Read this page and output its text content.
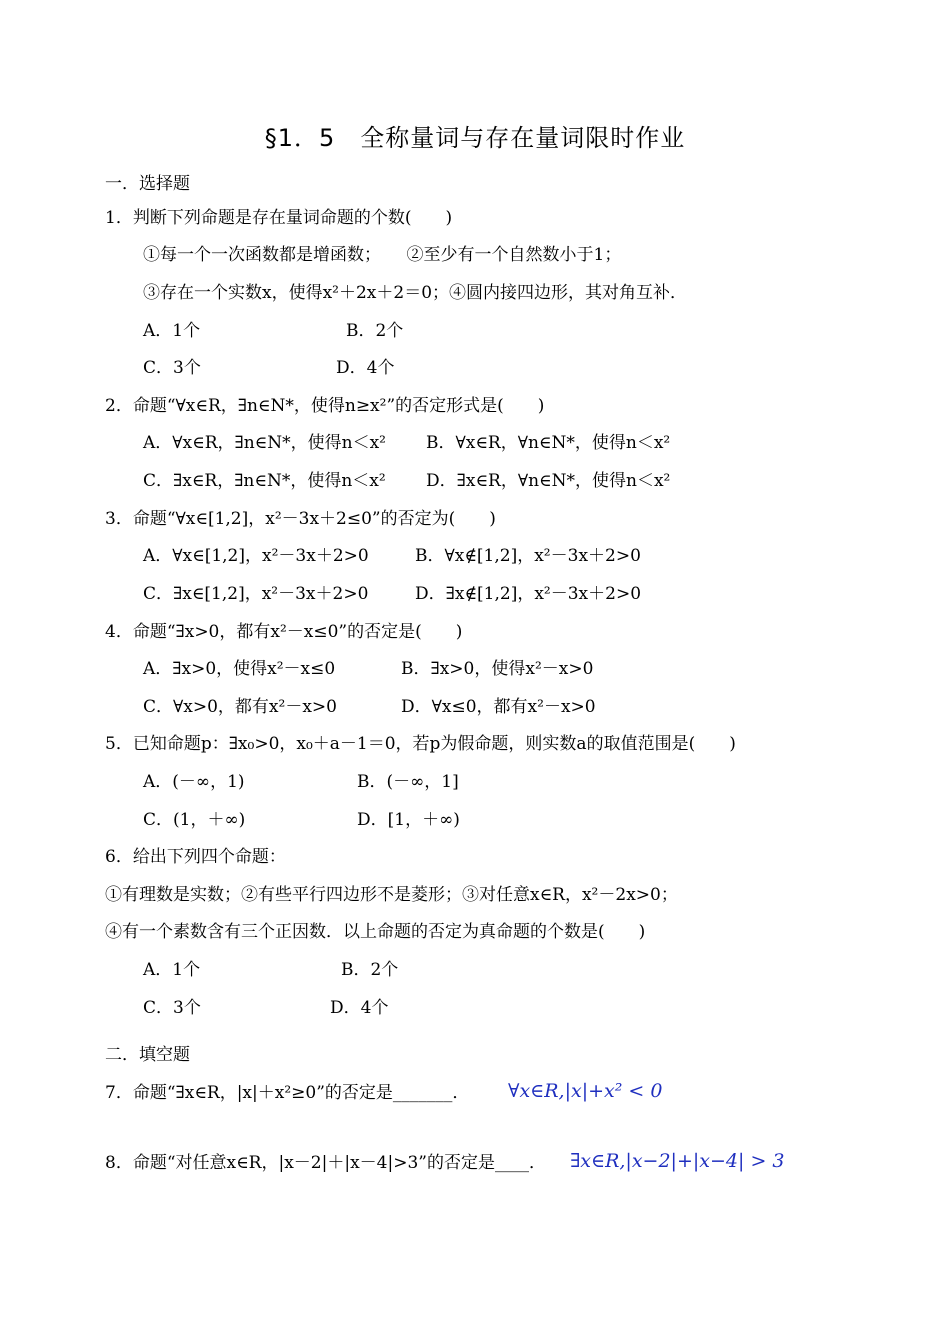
§1．5　全称量词与存在量词限时作业
一．选择题
二．填空题
1．判断下列命题是存在量词命题的个数(　　)
①每一个一次函数都是增函数；　　②至少有一个自然数小于1；
③存在一个实数x，使得x²＋2x＋2＝0；④圆内接四边形，其对角互补．
A．1个	B．2个
C．3个	D．4个
2．命题“∀x∈R，∃n∈N*，使得n≥x²”的否定形式是(　　)
A．∀x∈R，∃n∈N*，使得n＜x² B．∀x∈R，∀n∈N*，使得n＜x²
C．∃x∈R，∃n∈N*，使得n＜x² D．∃x∈R，∀n∈N*，使得n＜x²
3．命题“∀x∈[1,2]，x²－3x＋2≤0”的否定为(　　)
A．∀x∈[1,2]，x²－3x＋2>0	B．∀x∉[1,2]，x²－3x＋2>0
C．∃x∈[1,2]，x²－3x＋2>0	D．∃x∉[1,2]，x²－3x＋2>0
4．命题“∃x>0，都有x²－x≤0”的否定是(　　)
A．∃x>0，使得x²－x≤0	B．∃x>0，使得x²－x>0
C．∀x>0，都有x²－x>0	D．∀x≤0，都有x²－x>0
5．已知命题p：∃x₀>0，x₀＋a－1＝0，若p为假命题，则实数a的取值范围是(　　)
A．(－∞，1)	B．(－∞，1]
C．(1，＋∞)	D．[1，＋∞)
6．给出下列四个命题：
①有理数是实数；②有些平行四边形不是菱形；③对任意x∈R，x²－2x>0；
④有一个素数含有三个正因数．以上命题的否定为真命题的个数是(　　)
A．1个	B．2个
C．3个	D．4个
7．命题“∃x∈R，|x|＋x²≥0”的否定是_______．
8．命题“对任意x∈R，|x－2|＋|x－4|>3”的否定是____．
∀x∈R,|x|+x² < 0
∃x∈R,|x−2|+|x−4| > 3
